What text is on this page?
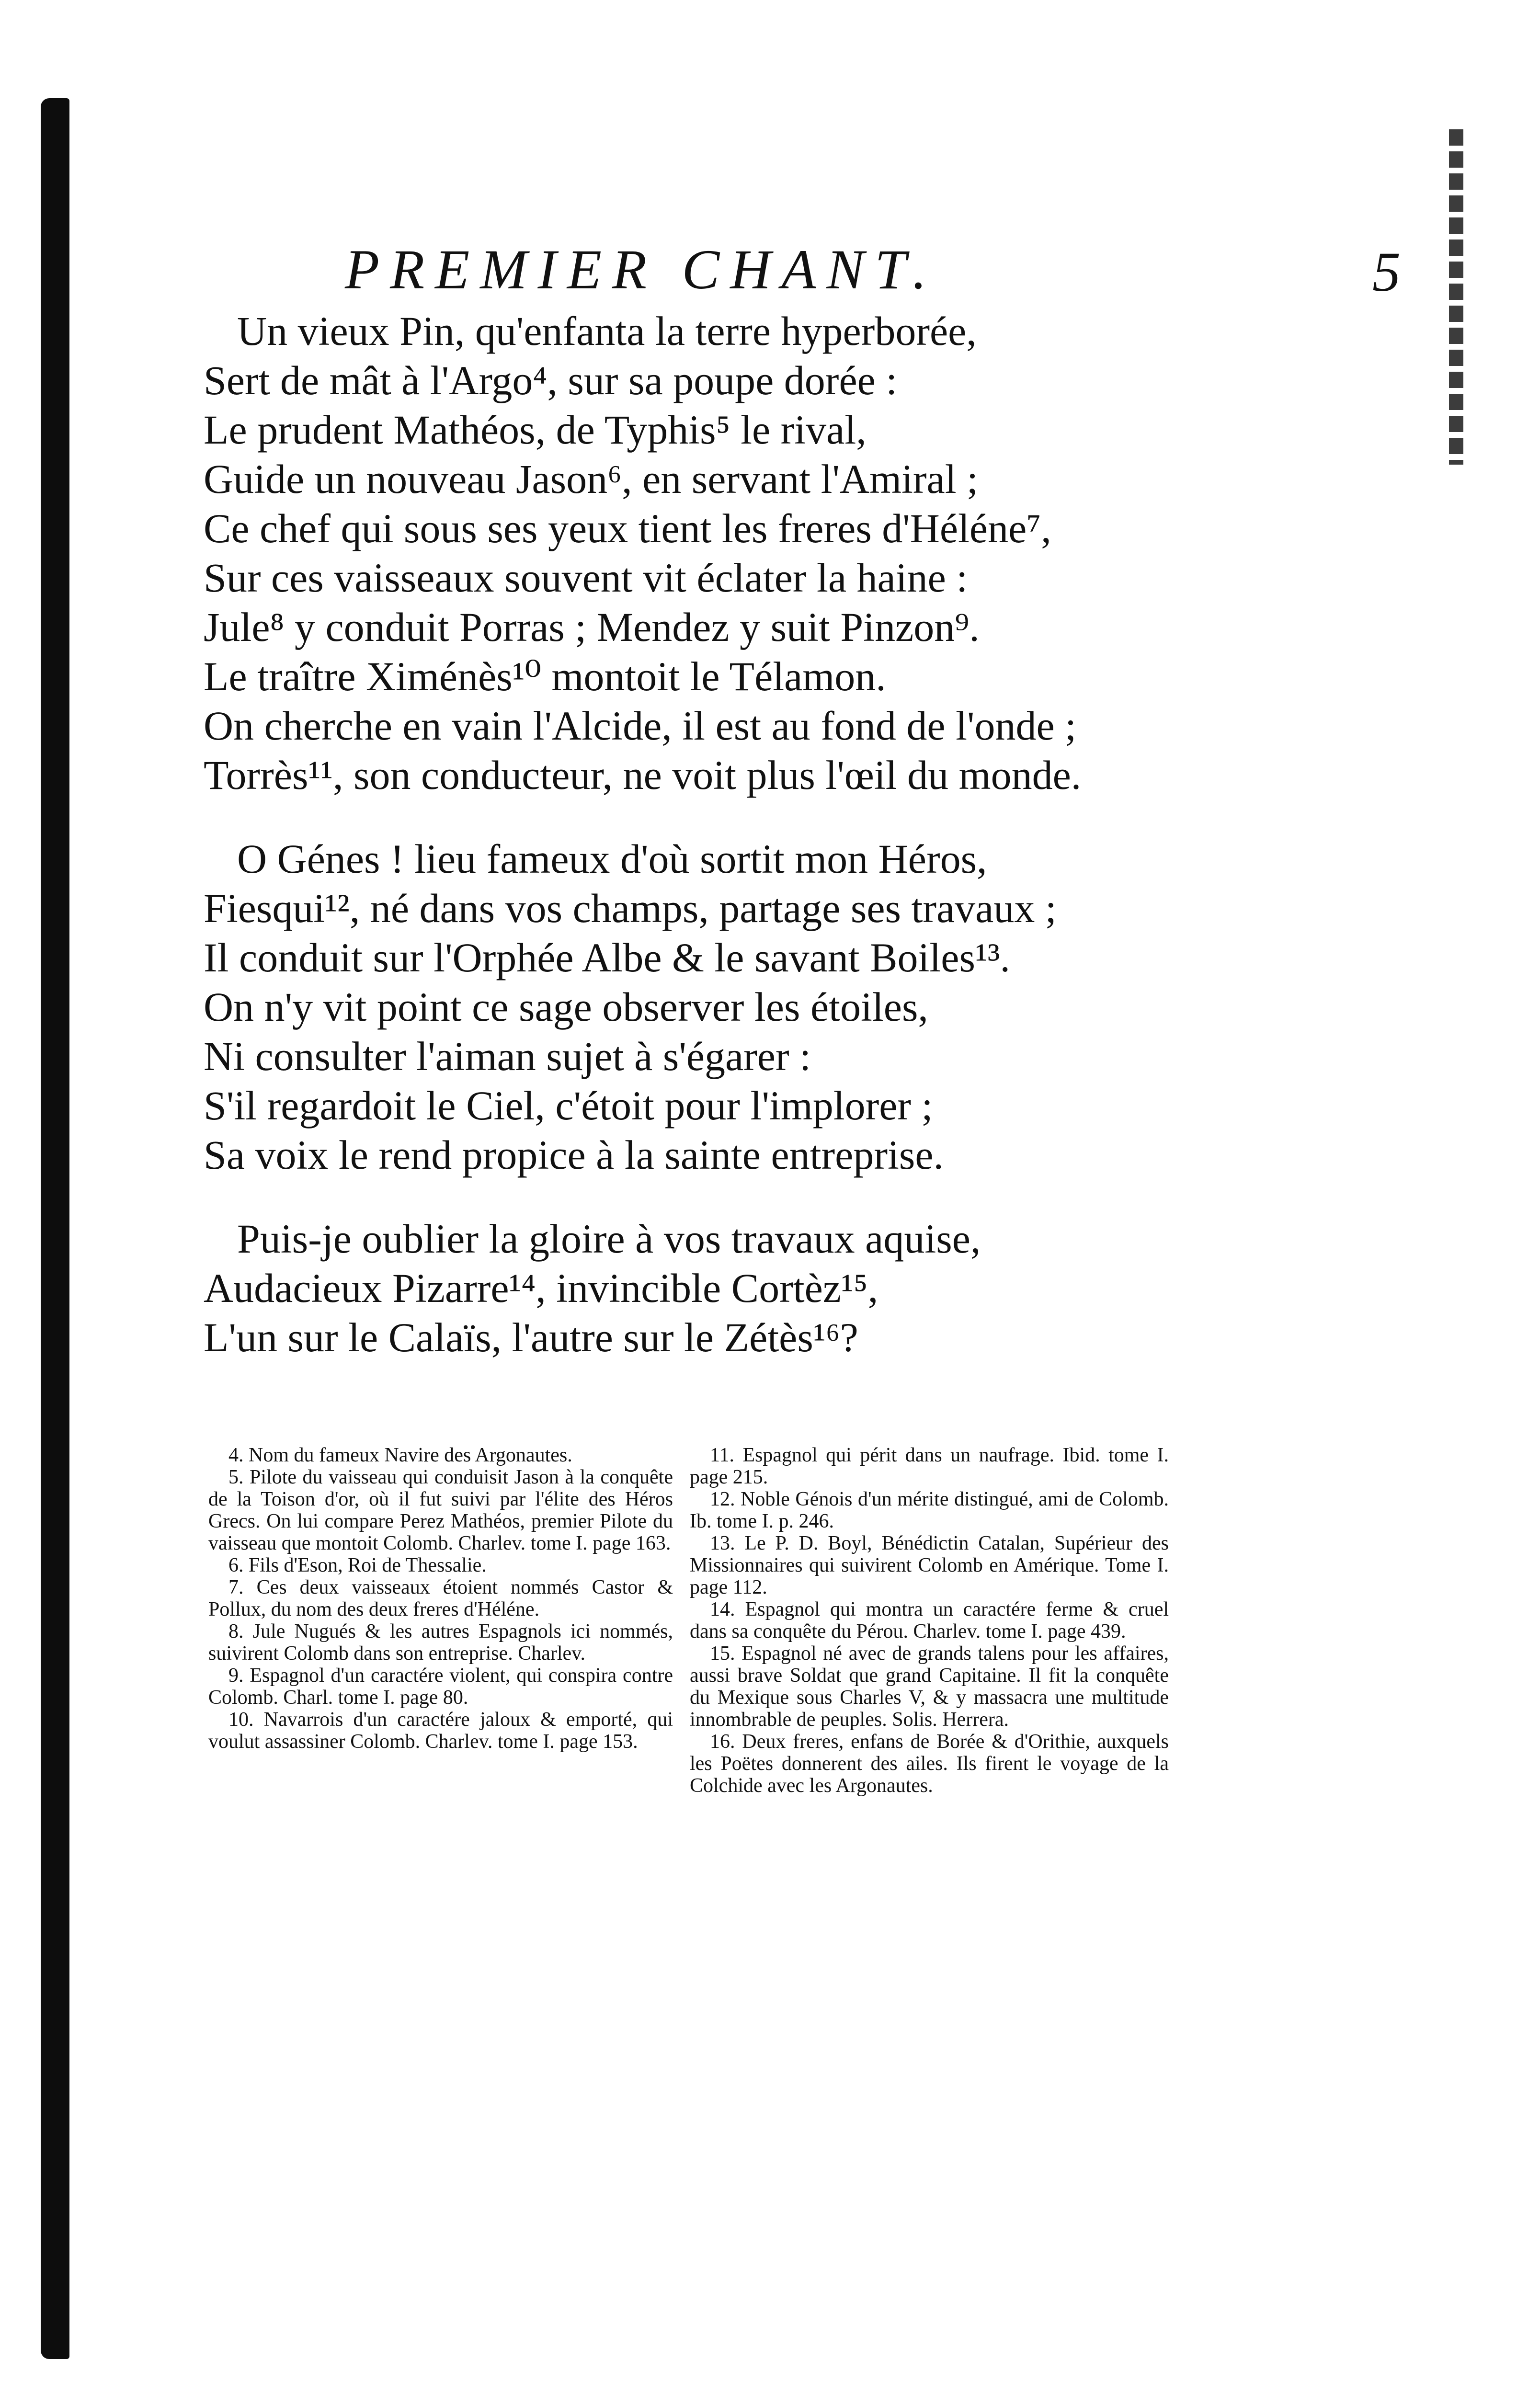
PREMIER CHANT.	5
Un vieux Pin, qu'enfanta la terre hyperborée,
Sert de mât à l'Argo⁴, sur sa poupe dorée :
Le prudent Mathéos, de Typhis⁵ le rival,
Guide un nouveau Jason⁶, en servant l'Amiral ;
Ce chef qui sous ses yeux tient les freres d'Héléne⁷,
Sur ces vaisseaux souvent vit éclater la haine :
Jule⁸ y conduit Porras ; Mendez y suit Pinzon⁹.
Le traître Ximénès¹⁰ montoit le Télamon.
On cherche en vain l'Alcide, il est au fond de l'onde ;
Torrès¹¹, son conducteur, ne voit plus l'œil du monde.
O Génes ! lieu fameux d'où sortit mon Héros,
Fiesqui¹², né dans vos champs, partage ses travaux ;
Il conduit sur l'Orphée Albe & le savant Boiles¹³.
On n'y vit point ce sage observer les étoiles,
Ni consulter l'aiman sujet à s'égarer :
S'il regardoit le Ciel, c'étoit pour l'implorer ;
Sa voix le rend propice à la sainte entreprise.
Puis-je oublier la gloire à vos travaux aquise,
Audacieux Pizarre¹⁴, invincible Cortèz¹⁵,
L'un sur le Calaïs, l'autre sur le Zétès¹⁶?

4. Nom du fameux Navire des Argonautes.

5. Pilote du vaisseau qui conduisit Jason à la conquête de la Toison d'or, où il fut suivi par l'élite des Héros Grecs. On lui compare Perez Mathéos, premier Pilote du vaisseau que montoit Colomb. Charlev. tome I. page 163.

6. Fils d'Eson, Roi de Thessalie.

7. Ces deux vaisseaux étoient nommés Castor & Pollux, du nom des deux freres d'Héléne.

8. Jule Nugués & les autres Espagnols ici nommés, suivirent Colomb dans son entreprise. Charlev.

9. Espagnol d'un caractére violent, qui conspira contre Colomb. Charl. tome I. page 80.

10. Navarrois d'un caractére jaloux & emporté, qui voulut assassiner Colomb. Charlev. tome I. page 153.

11. Espagnol qui périt dans un naufrage. Ibid. tome I. page 215.

12. Noble Génois d'un mérite distingué, ami de Colomb. Ib. tome I. p. 246.

13. Le P. D. Boyl, Bénédictin Catalan, Supérieur des Missionnaires qui suivirent Colomb en Amérique. Tome I. page 112.

14. Espagnol qui montra un caractére ferme & cruel dans sa conquête du Pérou. Charlev. tome I. page 439.

15. Espagnol né avec de grands talens pour les affaires, aussi brave Soldat que grand Capitaine. Il fit la conquête du Mexique sous Charles V, & y massacra une multitude innombrable de peuples. Solis. Herrera.

16. Deux freres, enfans de Borée & d'Orithie, auxquels les Poëtes donnerent des ailes. Ils firent le voyage de la Colchide avec les Argonautes.
